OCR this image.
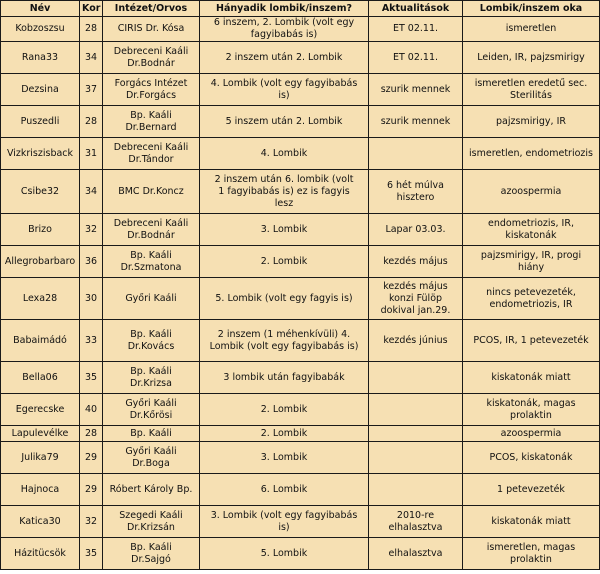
Név	Kor	Intézet/Orvos	Hányadik lombik/inszem?	Aktualitások	Lombik/inszem oka

Kobzoszsu	28	CIRIS Dr. Kósa	6 inszem, 2. Lombik (volt egy
fagyibabás is)	ET 02.11.	ismeretlen

Rana33	34	Debreceni Kaáli
Dr.Bodnár	2 inszem után 2. Lombik	ET 02.11.	Leiden, IR, pajzsmirigy

Dezsina	37	Forgács Intézet
Dr.Forgács	4. Lombik (volt egy fagyibabás
is)	szurik mennek	ismeretlen eredetű sec.
Sterilitás

Puszedli	28	Bp. Kaáli
Dr.Bernard	5 inszem után 2. Lombik	szurik mennek	pajzsmirigy, IR

Vizkriszisback	31	Debreceni Kaáli
Dr.Tándor	4. Lombik		ismeretlen, endometriozis

Csibe32	34	BMC Dr.Koncz	2 inszem után 6. lombik (volt
1 fagyibabás is) ez is fagyis
lesz	6 hét múlva
hisztero	azoospermia

Brizo	32	Debreceni Kaáli
Dr.Bodnár	3. Lombik	Lapar 03.03.	endometriozis, IR,
kiskatonák

Allegrobarbaro	36	Bp. Kaáli
Dr.Szmatona	2. Lombik	kezdés május	pajzsmirigy, IR, progi
hiány

Lexa28	30	Győri Kaáli	5. Lombik (volt egy fagyis is)	kezdés május
konzi Fülöp
dokival jan.29.	nincs petevezeték,
endometriozis, IR

Babaimádó	33	Bp. Kaáli
Dr.Kovács	2 inszem (1 méhenkívüli) 4.
Lombik (volt egy fagyibabás is)	kezdés június	PCOS, IR, 1 petevezeték

Bella06	35	Bp. Kaáli
Dr.Krizsa	3 lombik után fagyibabák		kiskatonák miatt

Egerecske	40	Győri Kaáli
Dr.Kőrösi	2. Lombik		kiskatonák, magas
prolaktin

Lapulevélke	28	Bp. Kaáli	2. Lombik		azoospermia

Julika79	29	Győri Kaáli
Dr.Boga	3. Lombik		PCOS, kiskatonák

Hajnoca	29	Róbert Károly Bp.	6. Lombik		1 petevezeték

Katica30	32	Szegedi Kaáli
Dr.Krizsán	3. Lombik (volt egy fagyibabás
is)	2010-re
elhalasztva	kiskatonák miatt

Házitücsök	35	Bp. Kaáli
Dr.Sajgó	5. Lombik	elhalasztva	ismeretlen, magas
prolaktin
